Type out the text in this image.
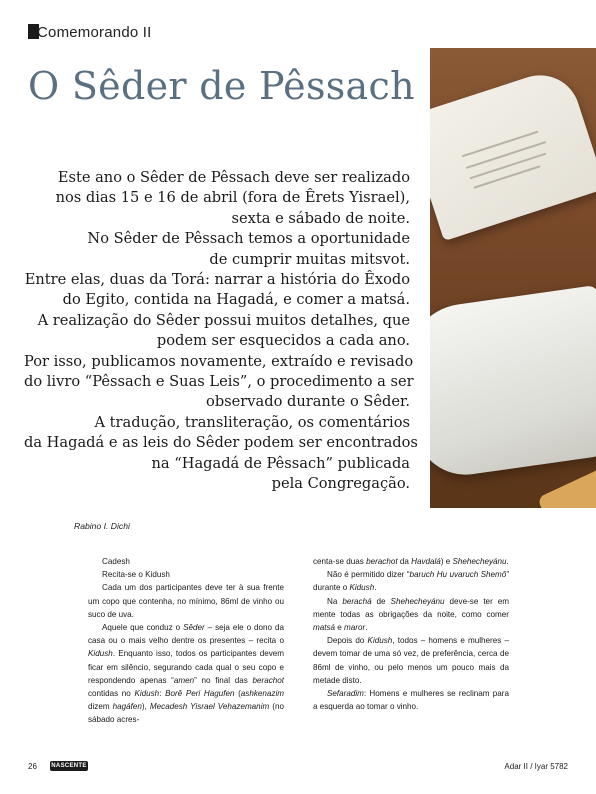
Comemorando II
O Sêder de Pêssach
Este ano o Sêder de Pêssach deve ser realizado
nos dias 15 e 16 de abril (fora de Êrets Yisrael),
sexta e sábado de noite.
No Sêder de Pêssach temos a oportunidade
de cumprir muitas mitsvot.
Entre elas, duas da Torá: narrar a história do Êxodo
do Egito, contida na Hagadá, e comer a matsá.
A realização do Sêder possui muitos detalhes, que
podem ser esquecidos a cada ano.
Por isso, publicamos novamente, extraído e revisado
do livro “Pêssach e Suas Leis”, o procedimento a ser
observado durante o Sêder.
A tradução, transliteração, os comentários
da Hagadá e as leis do Sêder podem ser encontrados
na “Hagadá de Pêssach” publicada
pela Congregação.
Rabino I. Dichi

Cadesh

Recita-se o Kidush

Cada um dos participantes deve ter à sua frente um copo que contenha, no mínimo, 86ml de vinho ou suco de uva.

Aquele que conduz o Sêder – seja ele o dono da casa ou o mais velho dentre os presentes – recita o Kidush. Enquanto isso, todos os participantes devem ficar em silêncio, segurando cada qual o seu copo e respondendo apenas “amen” no final das berachot contidas no Kidush: Borê Peri Hagufen (ashkenazim dizem hagáfen), Mecadesh Yisrael Vehazemanim (no sábado acres-

centa-se duas berachot da Havdalá) e Shehecheyánu.

Não é permitido dizer “baruch Hu uvaruch Shemô” durante o Kidush.

Na berachá de Shehecheyánu deve-se ter em mente todas as obrigações da noite, como comer matsá e maror.

Depois do Kidush, todos – homens e mulheres – devem tomar de uma só vez, de preferência, cerca de 86ml de vinho, ou pelo menos um pouco mais da metade disto.

Sefaradim: Homens e mulheres se reclinam para a esquerda ao tomar o vinho.

26 NASCENTE	Adar II / Iyar 5782
